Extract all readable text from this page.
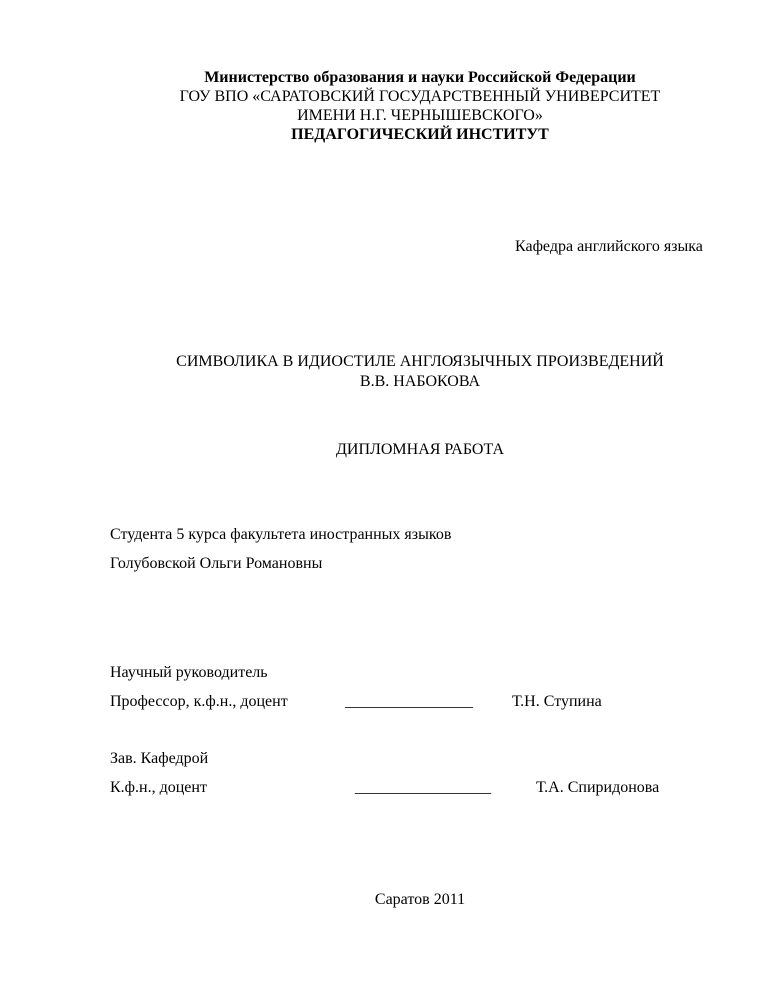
Министерство образования и науки Российской Федерации
ГОУ ВПО «САРАТОВСКИЙ ГОСУДАРСТВЕННЫЙ УНИВЕРСИТЕТ
ИМЕНИ Н.Г. ЧЕРНЫШЕВСКОГО»
ПЕДАГОГИЧЕСКИЙ ИНСТИТУТ
Кафедра английского языка
СИМВОЛИКА В ИДИОСТИЛЕ АНГЛОЯЗЫЧНЫХ ПРОИЗВЕДЕНИЙ
В.В. НАБОКОВА
ДИПЛОМНАЯ РАБОТА
Студента 5 курса факультета иностранных языков
Голубовской Ольги Романовны
Научный руководитель
Профессор, к.ф.н., доцент	________________ Т.Н. Ступина
Зав. Кафедрой
К.ф.н., доцент	_________________	Т.А. Спиридонова
Саратов 2011
